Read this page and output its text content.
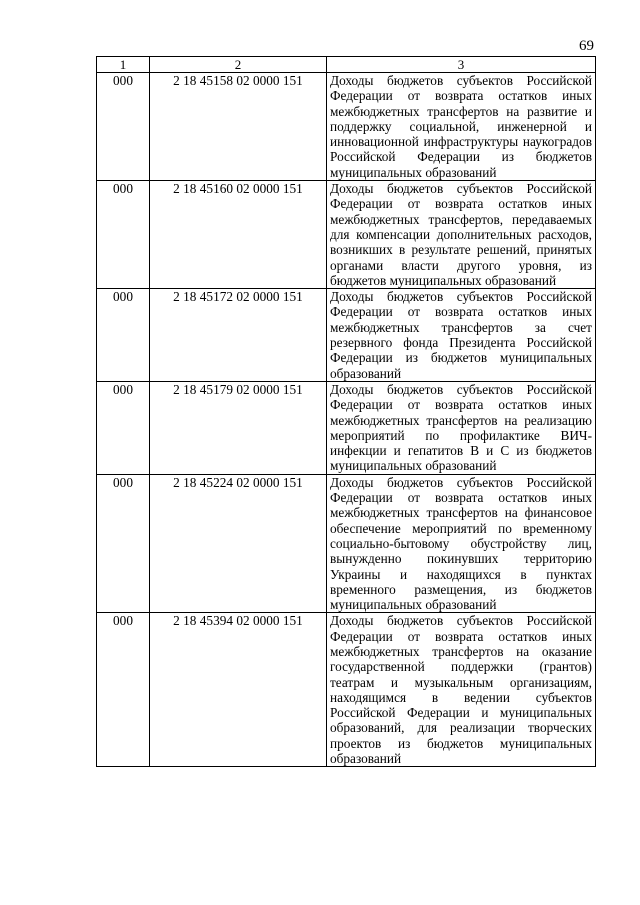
69
1	2	3
000	2 18 45158 02 0000 151	Доходы бюджетов субъектов Российской Федерации от возврата остатков иных межбюджетных трансфертов на развитие и поддержку социальной, инженерной и инновационной инфраструктуры наукоградов Российской Федерации из бюджетов муниципальных образований
000	2 18 45160 02 0000 151	Доходы бюджетов субъектов Российской Федерации от возврата остатков иных межбюджетных трансфертов, передаваемых для компенсации дополнительных расходов, возникших в результате решений, принятых органами власти другого уровня, из бюджетов муниципальных образований
000	2 18 45172 02 0000 151	Доходы бюджетов субъектов Российской Федерации от возврата остатков иных межбюджетных трансфертов за счет резервного фонда Президента Российской Федерации из бюджетов муниципальных образований
000	2 18 45179 02 0000 151	Доходы бюджетов субъектов Российской Федерации от возврата остатков иных межбюджетных трансфертов на реализацию мероприятий по профилактике ВИЧ-инфекции и гепатитов В и С из бюджетов муниципальных образований
000	2 18 45224 02 0000 151	Доходы бюджетов субъектов Российской Федерации от возврата остатков иных межбюджетных трансфертов на финансовое обеспечение мероприятий по временному социально-бытовому обустройству лиц, вынужденно покинувших территорию Украины и находящихся в пунктах временного размещения, из бюджетов муниципальных образований
000	2 18 45394 02 0000 151	Доходы бюджетов субъектов Российской Федерации от возврата остатков иных межбюджетных трансфертов на оказание государственной поддержки (грантов) театрам и музыкальным организациям, находящимся в ведении субъектов Российской Федерации и муниципальных образований, для реализации творческих проектов из бюджетов муниципальных образований
